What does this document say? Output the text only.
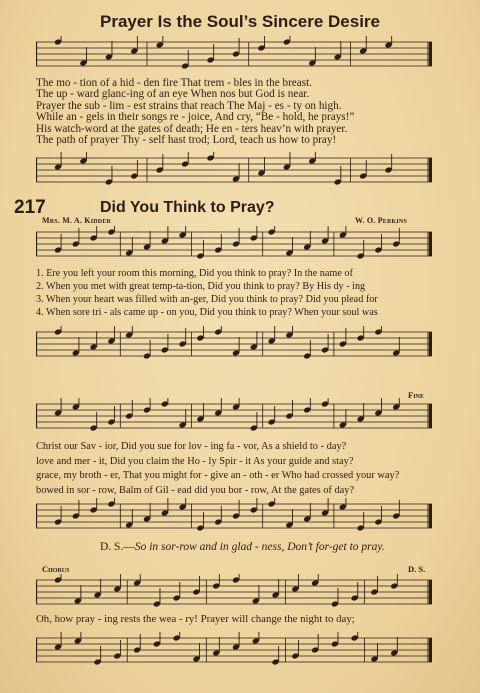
Prayer Is the Soul’s Sincere Desire
The mo - tion of a hid - den fire That trem - bles in the breast.
The up - ward glanc-ing of an eye When nos but God is near.
Prayer the sub - lim - est strains that reach The Maj - es - ty on high.
While an - gels in their songs re - joice, And cry, “Be - hold, he prays!”
His watch-word at the gates of death; He en - ters heav’n with prayer.
The path of prayer Thy - self hast trod; Lord, teach us how to pray!
217	Did You Think to Pray?
Mrs. M. A. Kidder	W. O. Perkins
1. Ere you left your room this morning, Did you think to pray? In the name of
2. When you met with great temp-ta-tion, Did you think to pray? By His dy - ing
3. When your heart was filled with an-ger, Did you think to pray? Did you plead for
4. When sore tri - als came up - on you, Did you think to pray? When your soul was
Fine
Christ our Sav - ior, Did you sue for lov - ing fa - vor, As a shield to - day?
love and mer - it, Did you claim the Ho - ly Spir - it As your guide and stay?
grace, my broth - er, That you might for - give an - oth - er Who had crossed your way?
bowed in sor - row, Balm of Gil - ead did you bor - row, At the gates of day?
D. S.—So in sor-row and in glad - ness, Don’t for-get to pray.
Chorus	D. S.
Oh, how pray - ing rests the wea - ry! Prayer will change the night to day;
